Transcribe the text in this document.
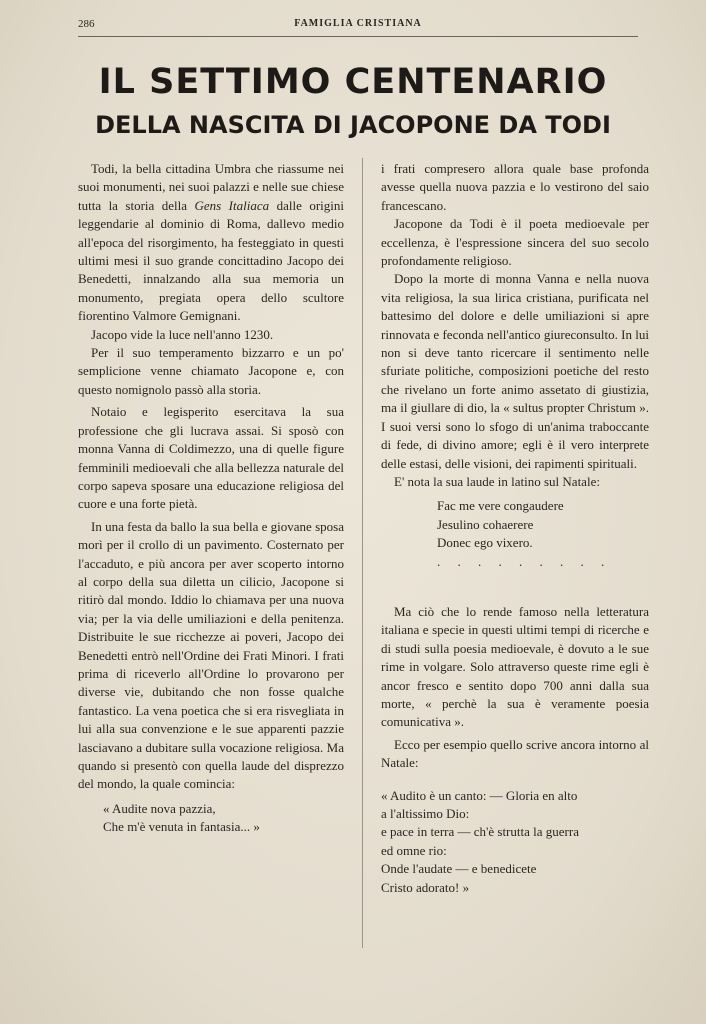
286	FAMIGLIA CRISTIANA
IL SETTIMO CENTENARIO
DELLA NASCITA DI JACOPONE DA TODI

Todi, la bella cittadina Umbra che riassume nei suoi monumenti, nei suoi palazzi e nelle sue chiese tutta la storia della Gens Italiaca dalle origini leggendarie al dominio di Roma, dallevo medio all'epoca del risorgimento, ha festeggiato in questi ultimi mesi il suo grande concittadino Jacopo dei Benedetti, innalzando alla sua memoria un monumento, pregiata opera dello scultore fiorentino Valmore Gemignani.

Jacopo vide la luce nell'anno 1230.

Per il suo temperamento bizzarro e un po' semplicione venne chiamato Jacopone e, con questo nomignolo passò alla storia.

Notaio e legisperito esercitava la sua professione che gli lucrava assai. Si sposò con monna Vanna di Coldimezzo, una di quelle figure femminili medioevali che alla bellezza naturale del corpo sapeva sposare una educazione religiosa del cuore e una forte pietà.

In una festa da ballo la sua bella e giovane sposa morì per il crollo di un pavimento. Costernato per l'accaduto, e più ancora per aver scoperto intorno al corpo della sua diletta un cilicio, Jacopone si ritirò dal mondo. Iddio lo chiamava per una nuova via; per la via delle umiliazioni e della penitenza. Distribuite le sue ricchezze ai poveri, Jacopo dei Benedetti entrò nell'Ordine dei Frati Minori. I frati prima di riceverlo all'Ordine lo provarono per diverse vie, dubitando che non fosse qualche fantastico. La vena poetica che si era risvegliata in lui alla sua convenzione e le sue apparenti pazzie lasciavano a dubitare sulla vocazione religiosa. Ma quando si presentò con quella laude del disprezzo del mondo, la quale comincia:

« Audite nova pazzia,
Che m'è venuta in fantasia... »

i frati compresero allora quale base profonda avesse quella nuova pazzia e lo vestirono del saio francescano.

Jacopone da Todi è il poeta medioevale per eccellenza, è l'espressione sincera del suo secolo profondamente religioso.

Dopo la morte di monna Vanna e nella nuova vita religiosa, la sua lirica cristiana, purificata nel battesimo del dolore e delle umiliazioni si apre rinnovata e feconda nell'antico giureconsulto. In lui non si deve tanto ricercare il sentimento nelle sfuriate politiche, composizioni poetiche del resto che rivelano un forte animo assetato di giustizia, ma il giullare di dio, la « sultus propter Christum ». I suoi versi sono lo sfogo di un'anima traboccante di fede, di divino amore; egli è il vero interprete delle estasi, delle visioni, dei rapimenti spirituali.

E' nota la sua laude in latino sul Natale:

Fac me vere congaudere
Jesulino cohaerere
Donec ego vixero.
. . . . . . . . .

Ma ciò che lo rende famoso nella letteratura italiana e specie in questi ultimi tempi di ricerche e di studi sulla poesia medioevale, è dovuto a le sue rime in volgare. Solo attraverso queste rime egli è ancor fresco e sentito dopo 700 anni dalla sua morte, « perchè la sua è veramente poesia comunicativa ».

Ecco per esempio quello scrive ancora intorno al Natale:

« Audito è un canto: — Gloria en alto
a l'altissimo Dio:
e pace in terra — ch'è strutta la guerra
ed omne rio:
Onde l'audate — e benedicete
Cristo adorato! »
